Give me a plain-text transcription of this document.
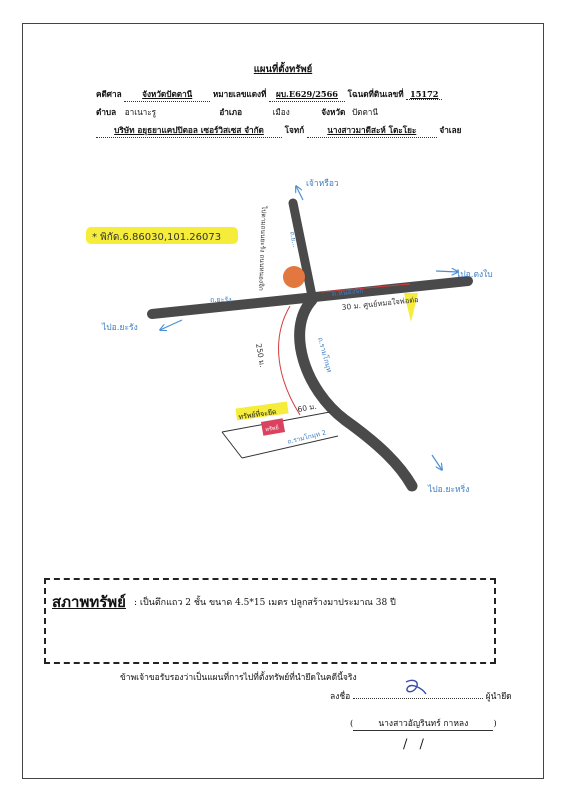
แผนที่ตั้งทรัพย์
คดีศาล	จังหวัดปัตตานี	หมายเลขแดงที่ ผบ.E629/2566 โฉนดที่ดินเลขที่ 15172
ตำบล อาเนาะรู	อำเภอ	เมือง	จังหวัด ปัตตานี
บริษัท อยุธยาแคปปิตอล เซอร์วิสเซส จำกัด	โจทก์	นางสาวมาดีสะห์ โตะโยะ	จำเลย
* พิกัด.6.86030,101.26073
ทรัพย์ที่จะยึด
ทรัพย์
เจ้าหรือว
ไปอ.ตงใบ
ไปอ.ยะรัง
ไปอ.ยะหริ่ง
ถ.ยะรัง
ถ.หนองจิก
ถ.ย...
ถ.รามโกมุท
ถ.รามโกมุท 2
ไปตามถนนยะรัง ถนนหนองจิก
30 ม. ศูนย์หมอใจพ่อต่อ
250 ม.
60 ม.
สภาพทรัพย์ : เป็นตึกแถว 2 ชั้น ขนาด 4.5*15 เมตร ปลูกสร้างมาประมาณ 38 ปี
ข้าพเจ้าขอรับรองว่าเป็นแผนที่การไปที่ตั้งทรัพย์ที่นำยึดในคดีนี้จริง
ลงชื่อ	ผู้นำยึด
(	นางสาวอัญรินทร์ กาหลง	)
/ /
